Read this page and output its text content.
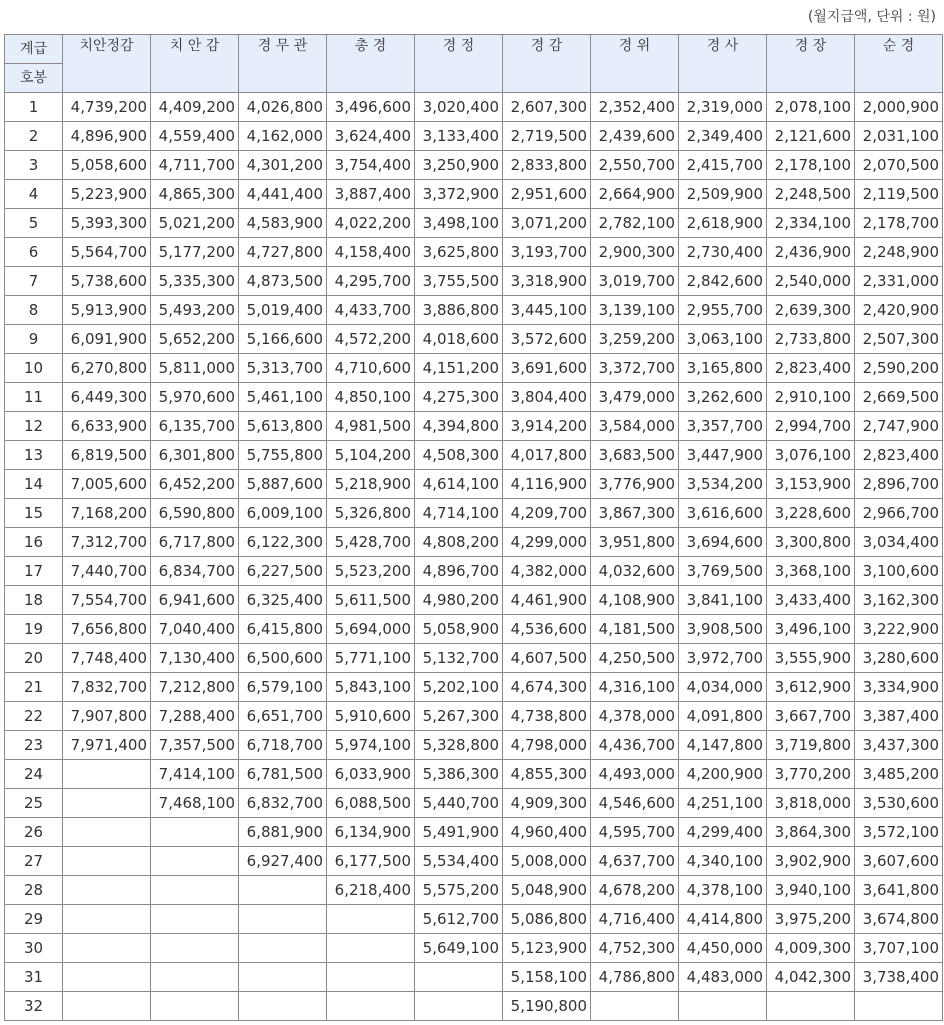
(월지급액, 단위 : 원)
계급	치안정감	치 안 감	경 무 관	총 경	경 정	경 감	경 위	경 사	경 장	순 경
호봉										
1	4,739,200	4,409,200	4,026,800	3,496,600	3,020,400	2,607,300	2,352,400	2,319,000	2,078,100	2,000,900
2	4,896,900	4,559,400	4,162,000	3,624,400	3,133,400	2,719,500	2,439,600	2,349,400	2,121,600	2,031,100
3	5,058,600	4,711,700	4,301,200	3,754,400	3,250,900	2,833,800	2,550,700	2,415,700	2,178,100	2,070,500
4	5,223,900	4,865,300	4,441,400	3,887,400	3,372,900	2,951,600	2,664,900	2,509,900	2,248,500	2,119,500
5	5,393,300	5,021,200	4,583,900	4,022,200	3,498,100	3,071,200	2,782,100	2,618,900	2,334,100	2,178,700
6	5,564,700	5,177,200	4,727,800	4,158,400	3,625,800	3,193,700	2,900,300	2,730,400	2,436,900	2,248,900
7	5,738,600	5,335,300	4,873,500	4,295,700	3,755,500	3,318,900	3,019,700	2,842,600	2,540,000	2,331,000
8	5,913,900	5,493,200	5,019,400	4,433,700	3,886,800	3,445,100	3,139,100	2,955,700	2,639,300	2,420,900
9	6,091,900	5,652,200	5,166,600	4,572,200	4,018,600	3,572,600	3,259,200	3,063,100	2,733,800	2,507,300
10	6,270,800	5,811,000	5,313,700	4,710,600	4,151,200	3,691,600	3,372,700	3,165,800	2,823,400	2,590,200
11	6,449,300	5,970,600	5,461,100	4,850,100	4,275,300	3,804,400	3,479,000	3,262,600	2,910,100	2,669,500
12	6,633,900	6,135,700	5,613,800	4,981,500	4,394,800	3,914,200	3,584,000	3,357,700	2,994,700	2,747,900
13	6,819,500	6,301,800	5,755,800	5,104,200	4,508,300	4,017,800	3,683,500	3,447,900	3,076,100	2,823,400
14	7,005,600	6,452,200	5,887,600	5,218,900	4,614,100	4,116,900	3,776,900	3,534,200	3,153,900	2,896,700
15	7,168,200	6,590,800	6,009,100	5,326,800	4,714,100	4,209,700	3,867,300	3,616,600	3,228,600	2,966,700
16	7,312,700	6,717,800	6,122,300	5,428,700	4,808,200	4,299,000	3,951,800	3,694,600	3,300,800	3,034,400
17	7,440,700	6,834,700	6,227,500	5,523,200	4,896,700	4,382,000	4,032,600	3,769,500	3,368,100	3,100,600
18	7,554,700	6,941,600	6,325,400	5,611,500	4,980,200	4,461,900	4,108,900	3,841,100	3,433,400	3,162,300
19	7,656,800	7,040,400	6,415,800	5,694,000	5,058,900	4,536,600	4,181,500	3,908,500	3,496,100	3,222,900
20	7,748,400	7,130,400	6,500,600	5,771,100	5,132,700	4,607,500	4,250,500	3,972,700	3,555,900	3,280,600
21	7,832,700	7,212,800	6,579,100	5,843,100	5,202,100	4,674,300	4,316,100	4,034,000	3,612,900	3,334,900
22	7,907,800	7,288,400	6,651,700	5,910,600	5,267,300	4,738,800	4,378,000	4,091,800	3,667,700	3,387,400
23	7,971,400	7,357,500	6,718,700	5,974,100	5,328,800	4,798,000	4,436,700	4,147,800	3,719,800	3,437,300
24		7,414,100	6,781,500	6,033,900	5,386,300	4,855,300	4,493,000	4,200,900	3,770,200	3,485,200
25		7,468,100	6,832,700	6,088,500	5,440,700	4,909,300	4,546,600	4,251,100	3,818,000	3,530,600
26			6,881,900	6,134,900	5,491,900	4,960,400	4,595,700	4,299,400	3,864,300	3,572,100
27			6,927,400	6,177,500	5,534,400	5,008,000	4,637,700	4,340,100	3,902,900	3,607,600
28				6,218,400	5,575,200	5,048,900	4,678,200	4,378,100	3,940,100	3,641,800
29					5,612,700	5,086,800	4,716,400	4,414,800	3,975,200	3,674,800
30					5,649,100	5,123,900	4,752,300	4,450,000	4,009,300	3,707,100
31						5,158,100	4,786,800	4,483,000	4,042,300	3,738,400
32						5,190,800				
